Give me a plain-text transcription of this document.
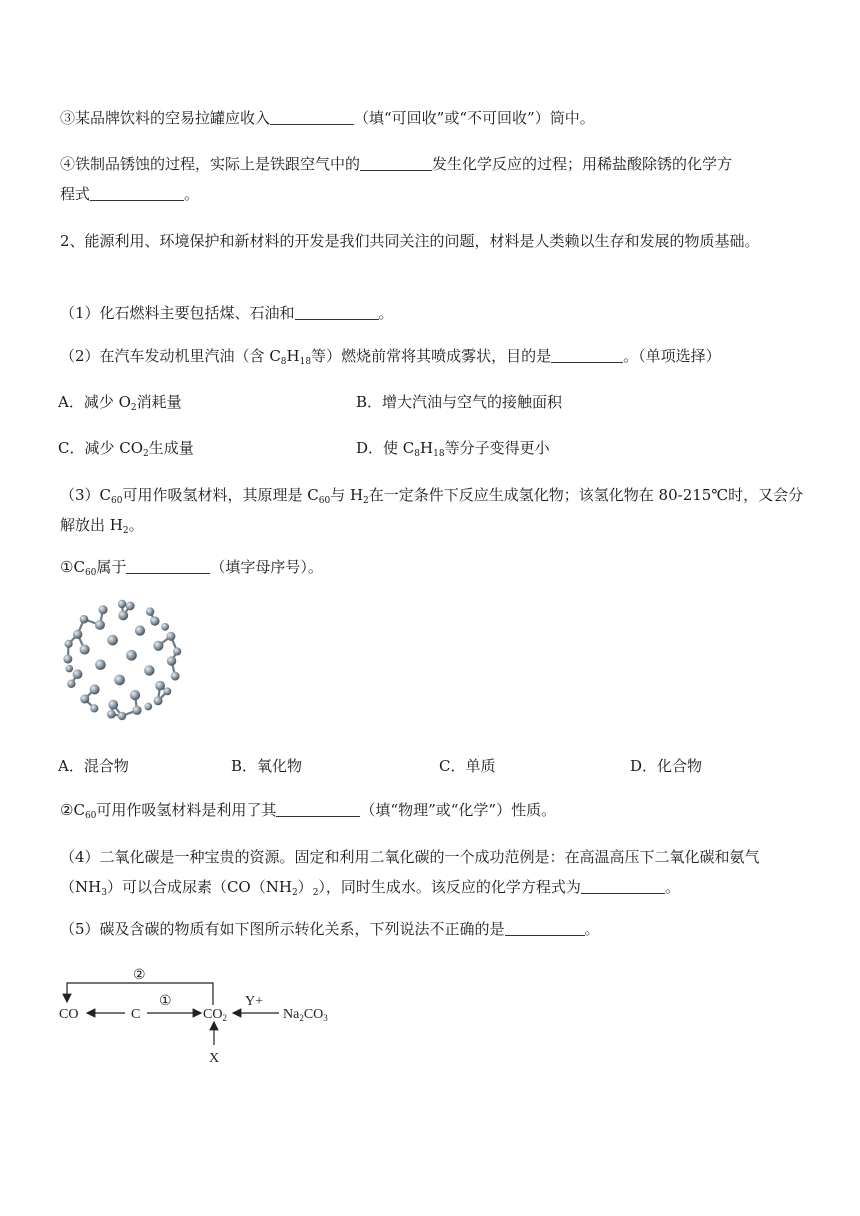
③某品牌饮料的空易拉罐应收入	（填“可回收”或“不可回收”）筒中。
④铁制品锈蚀的过程，实际上是铁跟空气中的	发生化学反应的过程；用稀盐酸除锈的化学方
程式	。
2、能源利用、环境保护和新材料的开发是我们共同关注的问题，材料是人类赖以生存和发展的物质基础。
（1）化石燃料主要包括煤、石油和	。
（2）在汽车发动机里汽油（含 $C_8H_{18}$等）燃烧前常将其喷成雾状，目的是	。（单项选择）
A．减少 $O_2$消耗量	B．增大汽油与空气的接触面积
C．减少 $CO_2$生成量	D．使 $C_8H_{18}$等分子变得更小
$(3)C_{60}$可用作吸氢材料，其原理是 $C_{60}$与 $H_2$在一定条件下反应生成氢化物；该氢化物在 80-215℃时，又会分解放出 $H_2$。
$①C_{60}$属于	（填字母序号）。
A．混合物	B．氧化物	C．单质	D．化合物
$②C_{60}$可用作吸氢材料是利用了其	（填“物理”或“化学”）性质。
（4）二氧化碳是一种宝贵的资源。固定和利用二氧化碳的一个成功范例是：在高温高压下二氧化碳和氨气$(NH_3)$可以合成尿素$(CO(NH_2)_2)$，同时生成水。该反应的化学方程式为	。
（5）碳及含碳的物质有如下图所示转化关系，下列说法不正确的是	。
②
①	Y+
CO	C	$CO_2$	$Na_2CO_3$
X
